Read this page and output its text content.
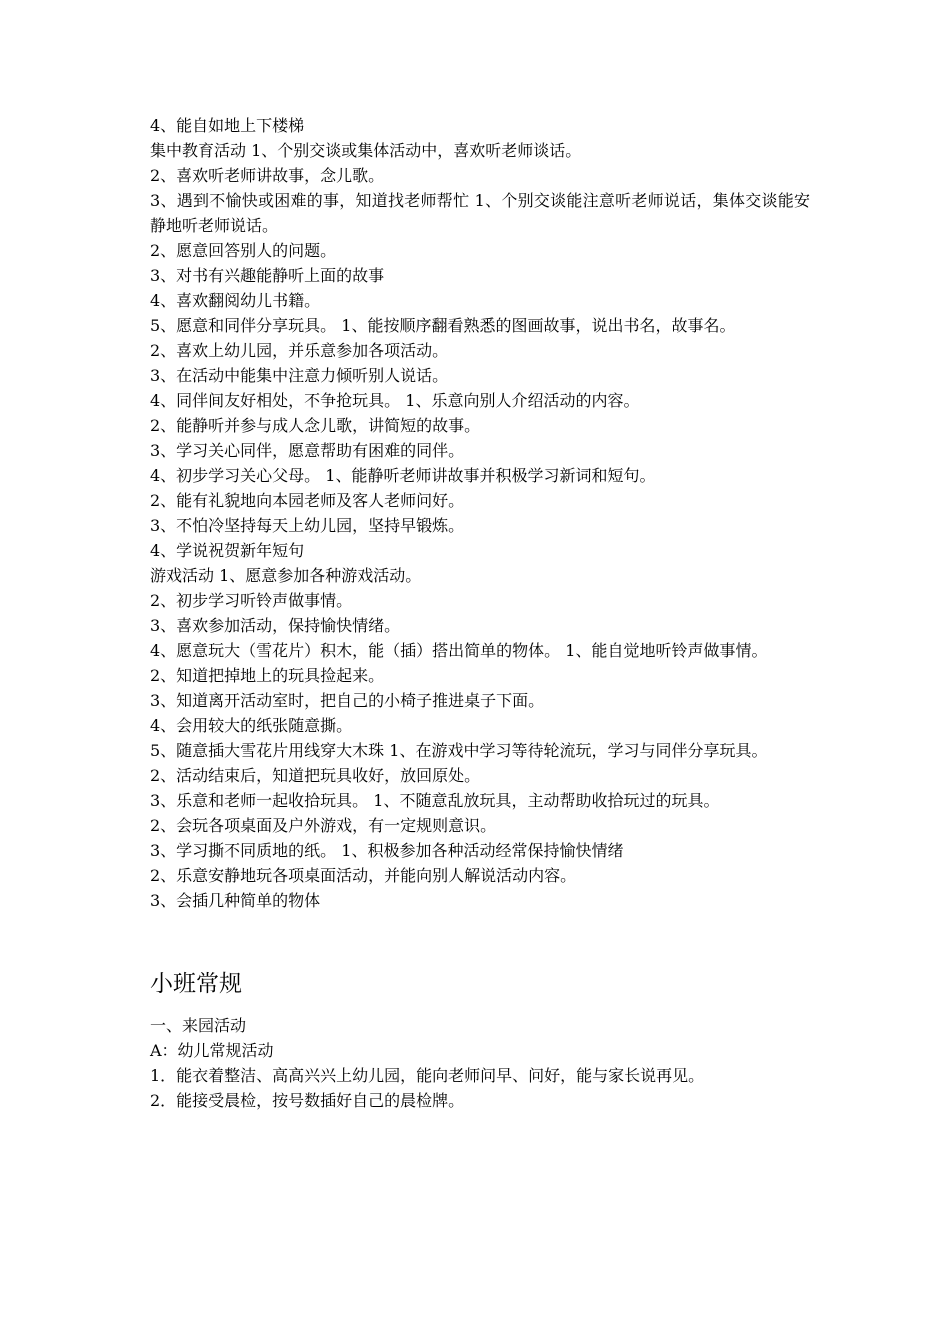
4、能自如地上下楼梯

集中教育活动 1、个别交谈或集体活动中，喜欢听老师谈话。

2、喜欢听老师讲故事，念儿歌。

3、遇到不愉快或困难的事，知道找老师帮忙 1、个别交谈能注意听老师说话，集体交谈能安静地听老师说话。

2、愿意回答别人的问题。

3、对书有兴趣能静听上面的故事

4、喜欢翻阅幼儿书籍。

5、愿意和同伴分享玩具。 1、能按顺序翻看熟悉的图画故事，说出书名，故事名。

2、喜欢上幼儿园，并乐意参加各项活动。

3、在活动中能集中注意力倾听别人说话。

4、同伴间友好相处，不争抢玩具。 1、乐意向别人介绍活动的内容。

2、能静听并参与成人念儿歌，讲简短的故事。

3、学习关心同伴，愿意帮助有困难的同伴。

4、初步学习关心父母。 1、能静听老师讲故事并积极学习新词和短句。

2、能有礼貌地向本园老师及客人老师问好。

3、不怕冷坚持每天上幼儿园，坚持早锻炼。

4、学说祝贺新年短句

游戏活动 1、愿意参加各种游戏活动。

2、初步学习听铃声做事情。

3、喜欢参加活动，保持愉快情绪。

4、愿意玩大（雪花片）积木，能（插）搭出简单的物体。 1、能自觉地听铃声做事情。

2、知道把掉地上的玩具捡起来。

3、知道离开活动室时，把自己的小椅子推进桌子下面。

4、会用较大的纸张随意撕。

5、随意插大雪花片用线穿大木珠 1、在游戏中学习等待轮流玩，学习与同伴分享玩具。

2、活动结束后，知道把玩具收好，放回原处。

3、乐意和老师一起收拾玩具。 1、不随意乱放玩具，主动帮助收拾玩过的玩具。

2、会玩各项桌面及户外游戏，有一定规则意识。

3、学习撕不同质地的纸。 1、积极参加各种活动经常保持愉快情绪

2、乐意安静地玩各项桌面活动，并能向别人解说活动内容。

3、会插几种简单的物体

小班常规

一、来园活动

A：幼儿常规活动

1．能衣着整洁、高高兴兴上幼儿园，能向老师问早、问好，能与家长说再见。

2．能接受晨检，按号数插好自己的晨检牌。
